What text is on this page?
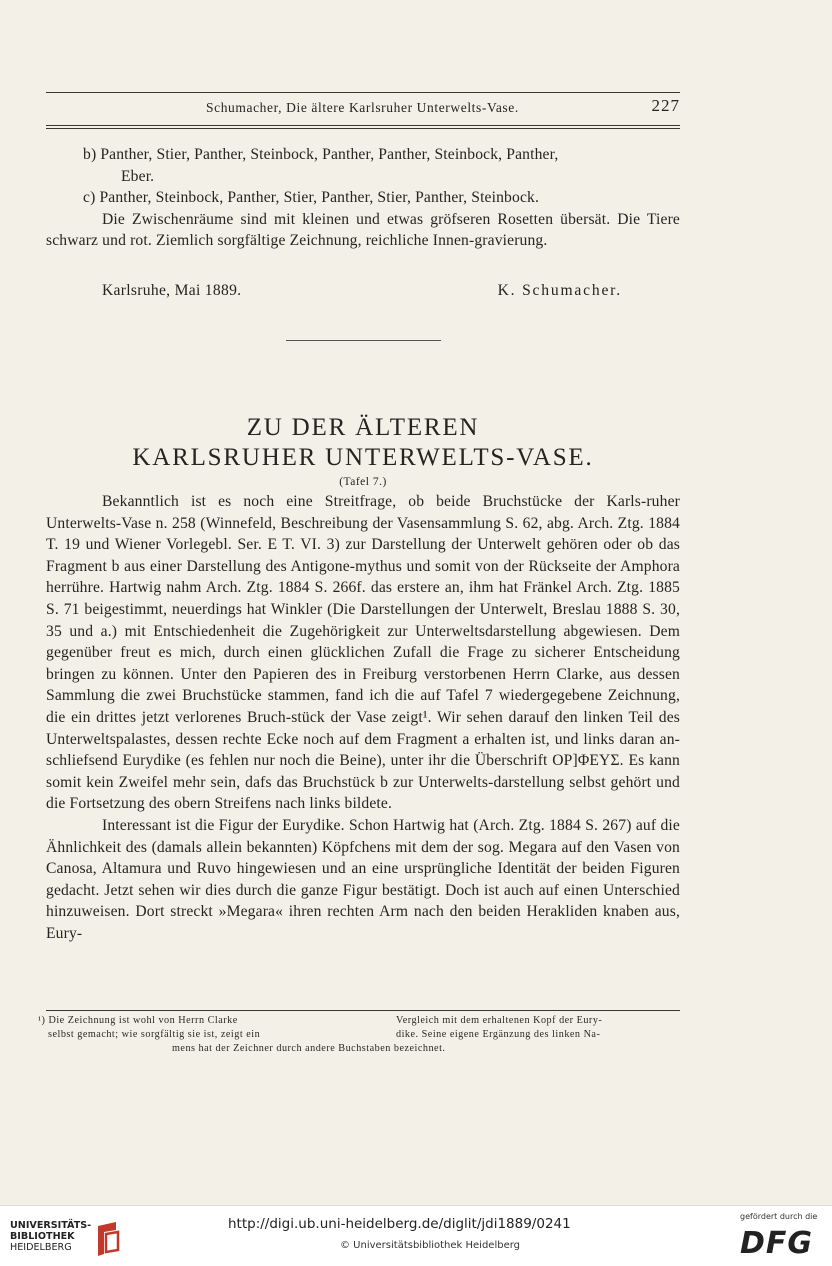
Schumacher, Die ältere Karlsruher Unterwelts-Vase.	227

b) Panther, Stier, Panther, Steinbock, Panther, Panther, Steinbock, Panther,

Eber.

c) Panther, Steinbock, Panther, Stier, Panther, Stier, Panther, Steinbock.

Die Zwischenräume sind mit kleinen und etwas gröfseren Rosetten übersät. Die Tiere schwarz und rot. Ziemlich sorgfältige Zeichnung, reichliche Innen-gravierung.

Karlsruhe, Mai 1889.	K. Schumacher.
ZU DER ÄLTEREN
KARLSRUHER UNTERWELTS-VASE.
(Tafel 7.)

Bekanntlich ist es noch eine Streitfrage, ob beide Bruchstücke der Karls-ruher Unterwelts-Vase n. 258 (Winnefeld, Beschreibung der Vasensammlung S. 62, abg. Arch. Ztg. 1884 T. 19 und Wiener Vorlegebl. Ser. E T. VI. 3) zur Darstellung der Unterwelt gehören oder ob das Fragment b aus einer Darstellung des Antigone-mythus und somit von der Rückseite der Amphora herrühre. Hartwig nahm Arch. Ztg. 1884 S. 266f. das erstere an, ihm hat Fränkel Arch. Ztg. 1885 S. 71 beigestimmt, neuerdings hat Winkler (Die Darstellungen der Unterwelt, Breslau 1888 S. 30, 35 und a.) mit Entschiedenheit die Zugehörigkeit zur Unterweltsdarstellung abgewiesen. Dem gegenüber freut es mich, durch einen glücklichen Zufall die Frage zu sicherer Entscheidung bringen zu können. Unter den Papieren des in Freiburg verstorbenen Herrn Clarke, aus dessen Sammlung die zwei Bruchstücke stammen, fand ich die auf Tafel 7 wiedergegebene Zeichnung, die ein drittes jetzt verlorenes Bruch-stück der Vase zeigt¹. Wir sehen darauf den linken Teil des Unterweltspalastes, dessen rechte Ecke noch auf dem Fragment a erhalten ist, und links daran an-schliefsend Eurydike (es fehlen nur noch die Beine), unter ihr die Überschrift ΟΡ]ΦΕΥΣ. Es kann somit kein Zweifel mehr sein, dafs das Bruchstück b zur Unterwelts-darstellung selbst gehört und die Fortsetzung des obern Streifens nach links bildete.

Interessant ist die Figur der Eurydike. Schon Hartwig hat (Arch. Ztg. 1884 S. 267) auf die Ähnlichkeit des (damals allein bekannten) Köpfchens mit dem der sog. Megara auf den Vasen von Canosa, Altamura und Ruvo hingewiesen und an eine ursprüngliche Identität der beiden Figuren gedacht. Jetzt sehen wir dies durch die ganze Figur bestätigt. Doch ist auch auf einen Unterschied hinzuweisen. Dort streckt »Megara« ihren rechten Arm nach den beiden Herakliden knaben aus, Eury-

¹) Die Zeichnung ist wohl von Herrn Clarke
selbst gemacht; wie sorgfältig sie ist, zeigt ein
Vergleich mit dem erhaltenen Kopf der Eury-
dike. Seine eigene Ergänzung des linken Na-
mens hat der Zeichner durch andere Buchstaben bezeichnet.
UNIVERSITÄTS-
BIBLIOTHEK
HEIDELBERG
http://digi.ub.uni-heidelberg.de/diglit/jdi1889/0241
© Universitätsbibliothek Heidelberg
gefördert durch die
DFG
